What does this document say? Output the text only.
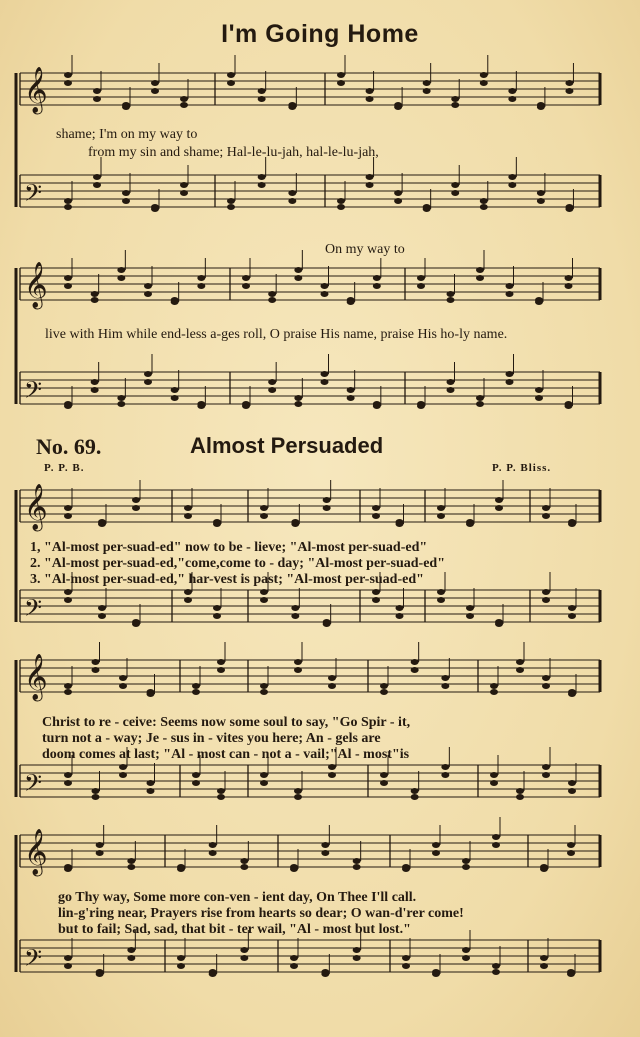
I'm Going Home
𝄞
𝄢
𝄞
𝄢
𝄞
𝄢
𝄞
𝄢
𝄞
𝄢
shame; I'm on my way to
from my sin and shame; Hal-le-lu-jah, hal-le-lu-jah,
On my way to
live with Him while end-less a-ges roll, O praise His name, praise His ho-ly name.
No. 69.	Almost Persuaded
P. P. B.	P. P. Bliss.
1, "Al-most per-suad-ed" now to be - lieve; "Al-most per-suad-ed"
2. "Al-most per-suad-ed,"come,come to - day; "Al-most per-suad-ed"
3. "Al-most per-suad-ed," har-vest is past; "Al-most per-suad-ed"
Christ to re - ceive: Seems now some soul to say, "Go Spir - it,
turn not a - way; Je - sus in - vites you here; An - gels are
doom comes at last; "Al - most can - not a - vail;"Al - most"is
go Thy way, Some more con-ven - ient day, On Thee I'll call.
lin-g'ring near, Prayers rise from hearts so dear; O wan-d'rer come!
but to fail; Sad, sad, that bit - ter wail, "Al - most but lost."
